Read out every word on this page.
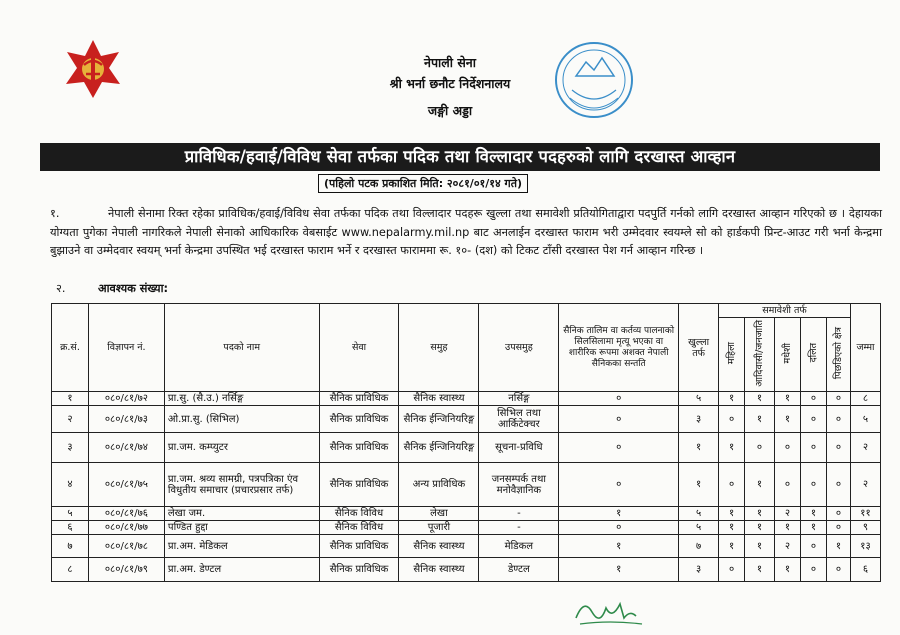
नेपाली सेना
श्री भर्ना छनौट निर्देशनालय
जङ्गी अड्डा
प्राविधिक/हवाई/विविध सेवा तर्फका पदिक तथा विल्लादार पदहरुको लागि दरखास्त आव्हान
(पहिलो पटक प्रकाशित मिति: २०८१/०१/१४ गते)
१.	नेपाली सेनामा रिक्त रहेका प्राविधिक/हवाई/विविध सेवा तर्फका पदिक तथा विल्लादार पदहरू खुल्ला तथा समावेशी प्रतियोगिताद्वारा पदपुर्ति गर्नको लागि दरखास्त आव्हान गरिएको छ । देहायका योग्यता पुगेका नेपाली नागरिकले नेपाली सेनाको आधिकारिक वेबसाईट www.nepalarmy.mil.np बाट अनलाईन दरखास्त फाराम भरी उम्मेदवार स्वयम्ले सो को हार्डकपी प्रिन्ट-आउट गरी भर्ना केन्द्रमा बुझाउने वा उम्मेदवार स्वयम् भर्ना केन्द्रमा उपस्थित भई दरखास्त फाराम भर्ने र दरखास्त फाराममा रू. १०- (दश) को टिकट टाँसी दरखास्त पेश गर्न आव्हान गरिन्छ ।
२.	आवश्यक संख्या:
क्र.सं.	विज्ञापन नं.	पदको नाम	सेवा	समुह	उपसमुह	सैनिक तालिम वा कर्तव्य पालनाको सिलसिलामा मृत्यू भएका वा शारीरिक रूपमा अशक्त नेपाली सैनिकका सन्तति	खुल्ला तर्फ	समावेशी तर्फ					जम्मा
								महिला	आदिवासी/जनजाति	मधेशी	दलित	पिछडिएको क्षेत्र	
१	०८०/८१/७२	प्रा.सु. (सै.उ.) नर्सिङ्ग	सैनिक प्राविधिक	सैनिक स्वास्थ्य	नर्सिङ्ग	०	५	१	१	१	०	०	८
२	०८०/८१/७३	ओ.प्रा.सु. (सिभिल)	सैनिक प्राविधिक	सैनिक ईन्जिनियरिङ्ग	सिभिल तथा आर्किटेक्चर	०	३	०	१	१	०	०	५
३	०८०/८१/७४	प्रा.जम. कम्प्युटर	सैनिक प्राविधिक	सैनिक ईन्जिनियरिङ्ग	सूचना-प्रविधि	०	१	१	०	०	०	०	२
४	०८०/८१/७५	प्रा.जम. श्रव्य सामग्री, पत्रपत्रिका एंव विधुतीय समाचार (प्रचारप्रसार तर्फ)	सैनिक प्राविधिक	अन्य प्राविधिक	जनसम्पर्क तथा मनोवैज्ञानिक	०	१	०	१	०	०	०	२
५	०८०/८१/७६	लेखा जम.	सैनिक विविध	लेखा	-	१	५	१	१	२	१	०	११
६	०८०/८१/७७	पण्डित हुद्दा	सैनिक विविध	पूजारी	-	०	५	१	१	१	१	०	९
७	०८०/८१/७८	प्रा.अम. मेडिकल	सैनिक प्राविधिक	सैनिक स्वास्थ्य	मेडिकल	१	७	१	१	२	०	१	१३
८	०८०/८१/७९	प्रा.अम. डेण्टल	सैनिक प्राविधिक	सैनिक स्वास्थ्य	डेण्टल	१	३	०	१	१	०	०	६
